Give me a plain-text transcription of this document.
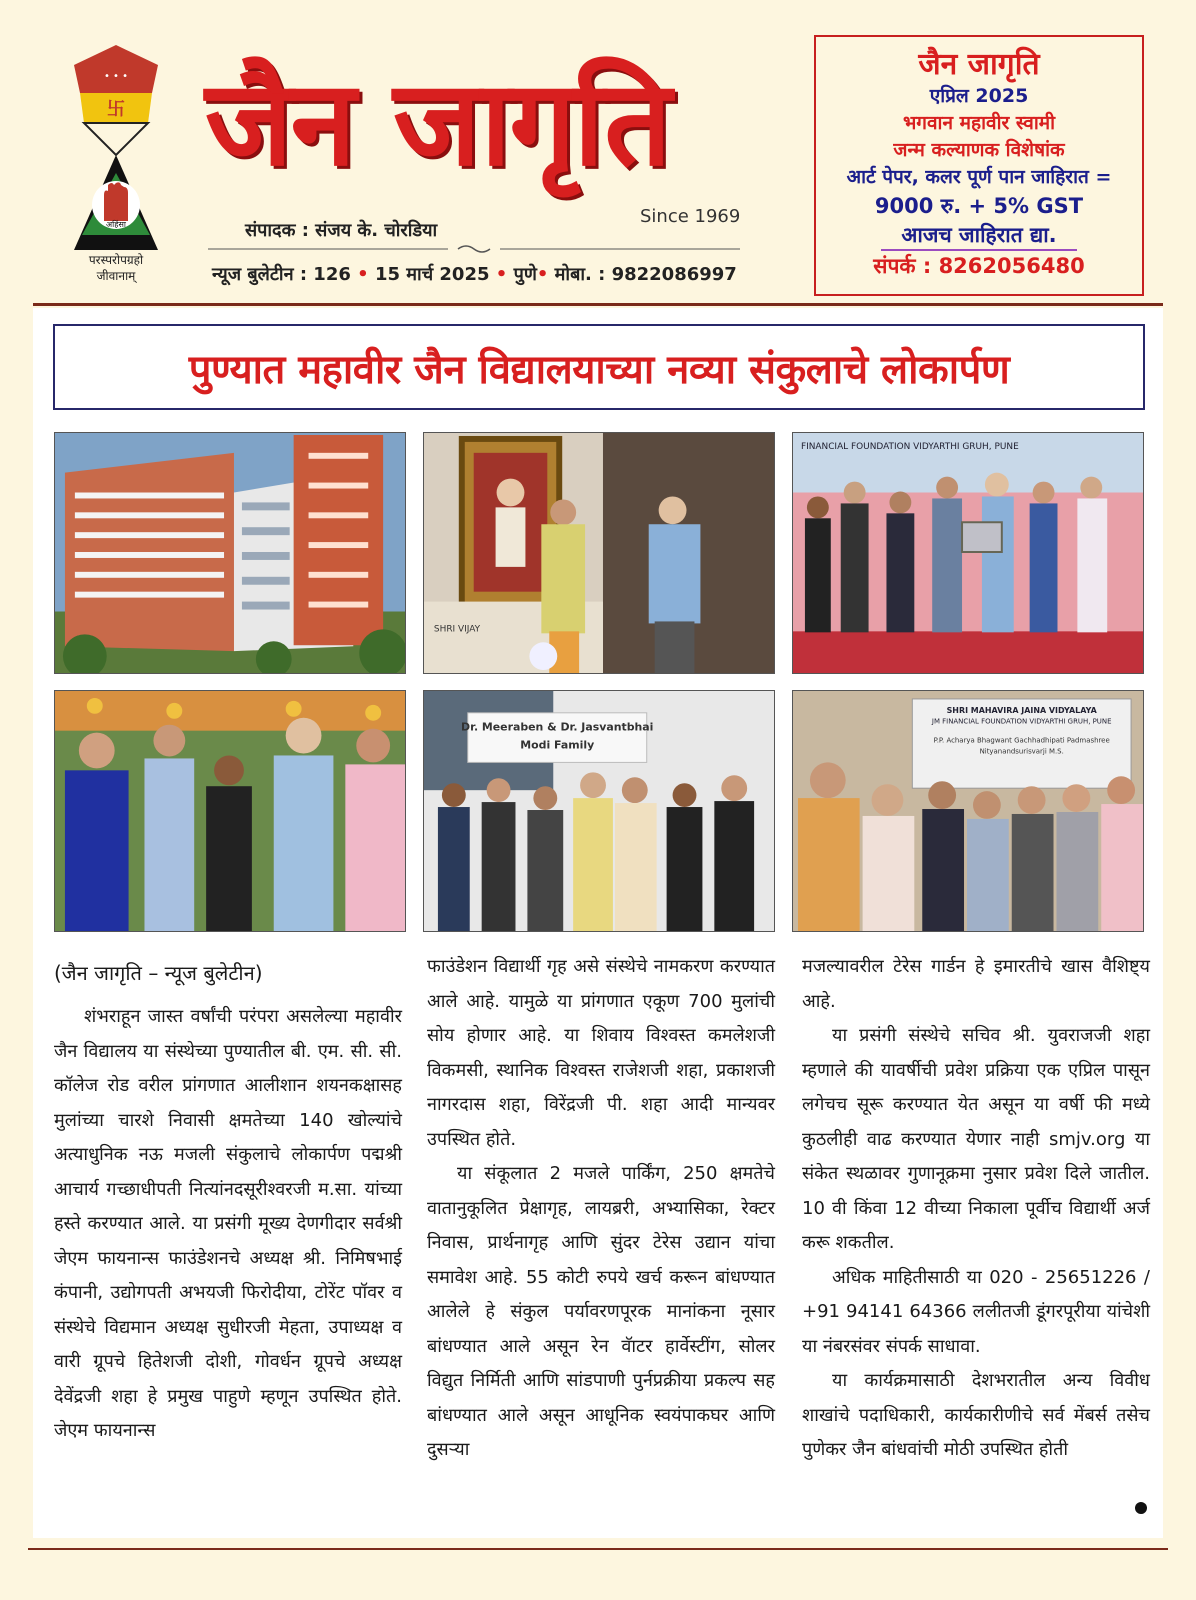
अहिंसा
• • •
卐
परस्परोपग्रहो
जीवानाम्
जैन जागृति
Since 1969
संपादक : संजय के. चोरडिया
न्यूज बुलेटीन : 126 • 15 मार्च 2025 • पुणे• मोबा. : 9822086997
जैन जागृति
एप्रिल 2025
भगवान महावीर स्वामी
जन्म कल्याणक विशेषांक
आर्ट पेपर, कलर पूर्ण पान जाहिरात =
9000 रु. + 5% GST
आजच जाहिरात द्या.
संपर्क : 8262056480
पुण्यात महावीर जैन विद्यालयाच्या नव्या संकुलाचे लोकार्पण
SHRI VIJAY
FINANCIAL FOUNDATION VIDYARTHI GRUH, PUNE
Dr. Meeraben & Dr. Jasvantbhai
Modi Family
SHRI MAHAVIRA JAINA VIDYALAYA
JM FINANCIAL FOUNDATION VIDYARTHI GRUH, PUNE
P.P. Acharya Bhagwant Gachhadhipati Padmashree
Nityanandsurisvarji M.S.

(जैन जागृति – न्यूज बुलेटीन)

शंभराहून जास्त वर्षांची परंपरा असलेल्या महावीर जैन विद्यालय या संस्थेच्या पुण्यातील बी. एम. सी. सी. कॉलेज रोड वरील प्रांगणात आलीशान शयनकक्षासह मुलांच्या चारशे निवासी क्षमतेच्या 140 खोल्यांचे अत्याधुनिक नऊ मजली संकुलाचे लोकार्पण पद्मश्री आचार्य गच्छाधीपती नित्यांनदसूरीश्वरजी म.सा. यांच्या हस्ते करण्यात आले. या प्रसंगी मूख्य देणगीदार सर्वश्री जेएम फायनान्स फाउंडेशनचे अध्यक्ष श्री. निमिषभाई कंपानी, उद्योगपती अभयजी फिरोदीया, टोरेंट पॉवर व संस्थेचे विद्यमान अध्यक्ष सुधीरजी मेहता, उपाध्यक्ष व वारी ग्रूपचे हितेशजी दोशी, गोवर्धन ग्रूपचे अध्यक्ष देवेंद्रजी शहा हे प्रमुख पाहुणे म्हणून उपस्थित होते. जेएम फायनान्स

फाउंडेशन विद्यार्थी गृह असे संस्थेचे नामकरण करण्यात आले आहे. यामुळे या प्रांगणात एकूण 700 मुलांची सोय होणार आहे. या शिवाय विश्वस्त कमलेशजी विकमसी, स्थानिक विश्वस्त राजेशजी शहा, प्रकाशजी नागरदास शहा, विरेंद्रजी पी. शहा आदी मान्यवर उपस्थित होते.

या संकूलात 2 मजले पार्किंग, 250 क्षमतेचे वातानुकूलित प्रेक्षागृह, लायब्ररी, अभ्यासिका, रेक्टर निवास, प्रार्थनागृह आणि सुंदर टेरेस उद्यान यांचा समावेश आहे. 55 कोटी रुपये खर्च करून बांधण्यात आलेले हे संकुल पर्यावरणपूरक मानांकना नूसार बांधण्यात आले असून रेन वॅाटर हार्वेस्टींग, सोलर विद्युत निर्मिती आणि सांडपाणी पुर्नप्रक्रीया प्रकल्प सह बांधण्यात आले असून आधूनिक स्वयंपाकघर आणि दुसऱ्या

मजल्यावरील टेरेस गार्डन हे इमारतीचे खास वैशिष्ट्य आहे.

या प्रसंगी संस्थेचे सचिव श्री. युवराजजी शहा म्हणाले की यावर्षीची प्रवेश प्रक्रिया एक एप्रिल पासून लगेचच सूरू करण्यात येत असून या वर्षी फी मध्ये कुठलीही वाढ करण्यात येणार नाही smjv.org या संकेत स्थळावर गुणानूक्रमा नुसार प्रवेश दिले जातील. 10 वी किंवा 12 वीच्या निकाला पूर्वीच विद्यार्थी अर्ज करू शकतील.

अधिक माहितीसाठी या 020 - 25651226 / +91 94141 64366 ललीतजी डूंगरपूरीया यांचेशी या नंबरसंवर संपर्क साधावा.

या कार्यक्रमासाठी देशभरातील अन्य विवीध शाखांचे पदाधिकारी, कार्यकारीणीचे सर्व मेंबर्स तसेच पुणेकर जैन बांधवांची मोठी उपस्थित होती
